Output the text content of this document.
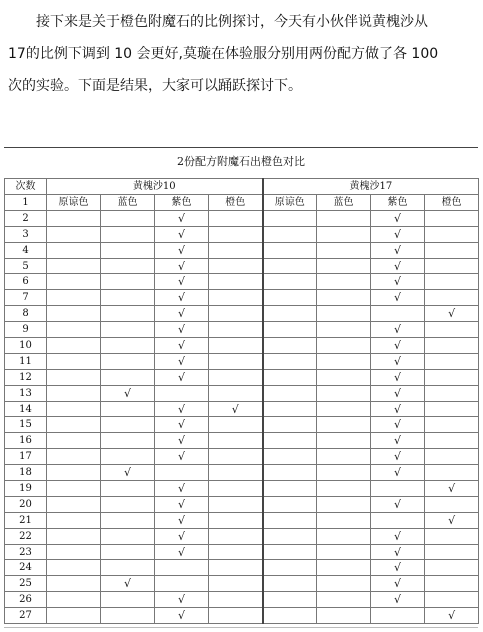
接下来是关于橙色附魔石的比例探讨，今天有小伙伴说黄槐沙从

17的比例下调到 10 会更好,莫璇在体验服分别用两份配方做了各 100

次的实验。下面是结果，大家可以踊跃探讨下。

2份配方附魔石出橙色对比
次数	黄槐沙10				黄槐沙17			
1	原谅色	蓝色	紫色	橙色	原谅色	蓝色	紫色	橙色
2			√				√	
3			√				√	
4			√				√	
5			√				√	
6			√				√	
7			√				√	
8			√					√
9			√				√	
10			√				√	
11			√				√	
12			√				√	
13		√					√	
14			√	√			√	
15			√				√	
16			√				√	
17			√				√	
18		√					√	
19			√					√
20			√				√	
21			√					√
22			√				√	
23			√				√	
24							√	
25		√					√	
26			√				√	
27			√					√
